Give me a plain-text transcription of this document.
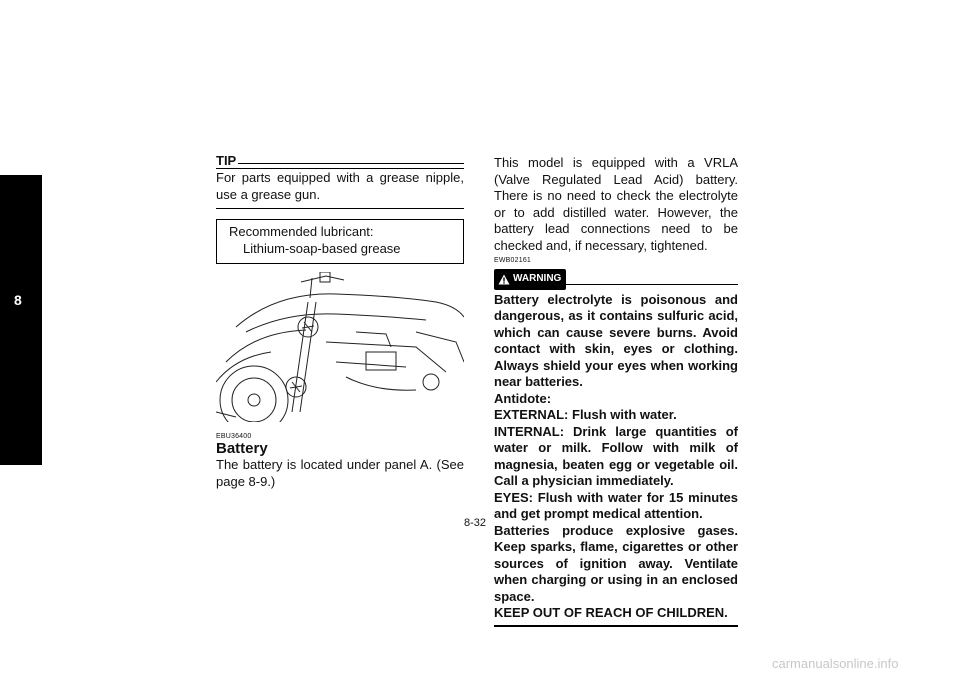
8
TIP
For parts equipped with a grease nipple, use a grease gun.
Recommended lubricant:
Lithium-soap-based grease
EBU36400
Battery
The battery is located under panel A. (See page 8-9.)
This model is equipped with a VRLA (Valve Regulated Lead Acid) battery. There is no need to check the electrolyte or to add distilled water. However, the battery lead connections need to be checked and, if necessary, tightened.
EWB02161
WARNING

Battery electrolyte is poisonous and dangerous, as it contains sulfuric acid, which can cause severe burns. Avoid contact with skin, eyes or clothing. Always shield your eyes when working near batteries.

Antidote:

EXTERNAL: Flush with water.

INTERNAL: Drink large quantities of water or milk. Follow with milk of magnesia, beaten egg or vegetable oil. Call a physician immediately.

EYES: Flush with water for 15 minutes and get prompt medical attention.

Batteries produce explosive gases. Keep sparks, flame, cigarettes or other sources of ignition away. Ventilate when charging or using in an enclosed space.

KEEP OUT OF REACH OF CHILDREN.

8-32
carmanualsonline.info
